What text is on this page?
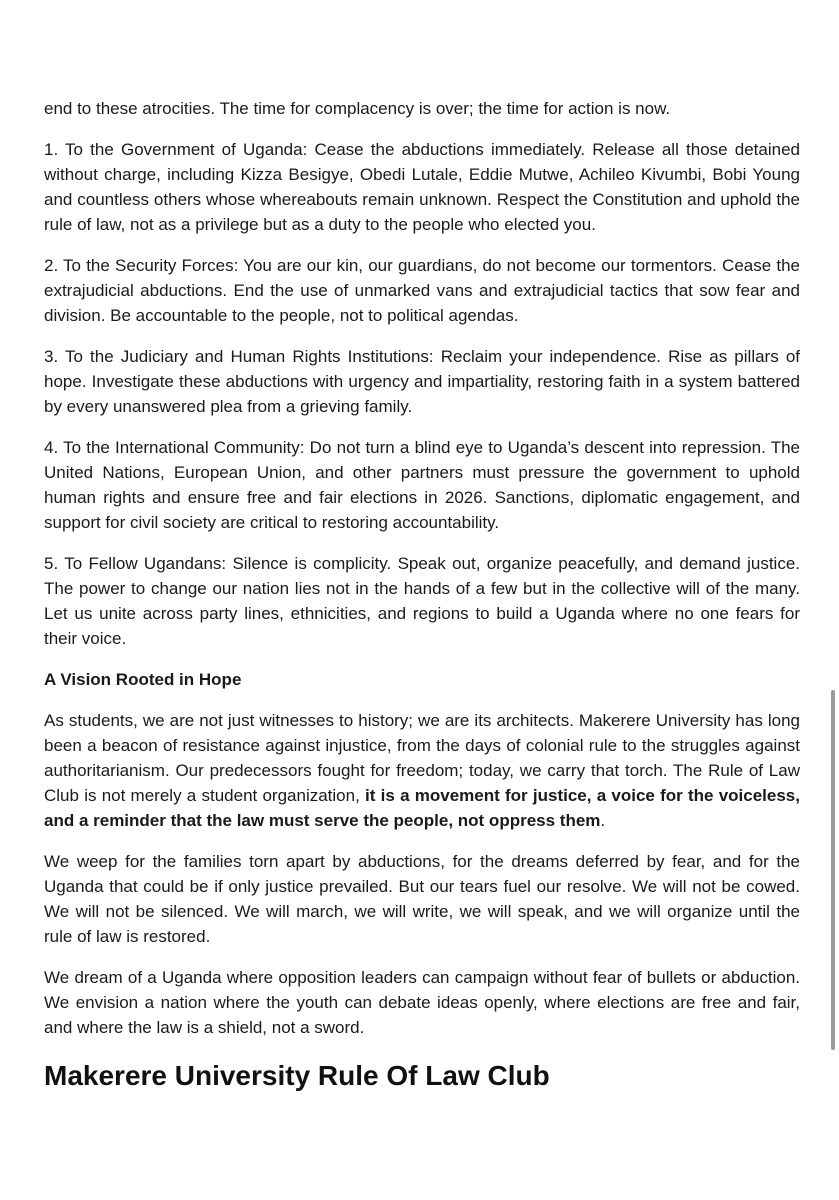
end to these atrocities. The time for complacency is over; the time for action is now.

1. To the Government of Uganda: Cease the abductions immediately. Release all those detained without charge, including Kizza Besigye, Obedi Lutale, Eddie Mutwe, Achileo Kivumbi, Bobi Young and countless others whose whereabouts remain unknown. Respect the Constitution and uphold the rule of law, not as a privilege but as a duty to the people who elected you.

2. To the Security Forces: You are our kin, our guardians, do not become our tormentors. Cease the extrajudicial abductions. End the use of unmarked vans and extrajudicial tactics that sow fear and division. Be accountable to the people, not to political agendas.

3. To the Judiciary and Human Rights Institutions: Reclaim your independence. Rise as pillars of hope. Investigate these abductions with urgency and impartiality, restoring faith in a system battered by every unanswered plea from a grieving family.

4. To the International Community: Do not turn a blind eye to Uganda’s descent into repression. The United Nations, European Union, and other partners must pressure the government to uphold human rights and ensure free and fair elections in 2026. Sanctions, diplomatic engagement, and support for civil society are critical to restoring accountability.

5. To Fellow Ugandans: Silence is complicity. Speak out, organize peacefully, and demand justice. The power to change our nation lies not in the hands of a few but in the collective will of the many. Let us unite across party lines, ethnicities, and regions to build a Uganda where no one fears for their voice.

A Vision Rooted in Hope

As students, we are not just witnesses to history; we are its architects. Makerere University has long been a beacon of resistance against injustice, from the days of colonial rule to the struggles against authoritarianism. Our predecessors fought for freedom; today, we carry that torch. The Rule of Law Club is not merely a student organization, it is a movement for justice, a voice for the voiceless, and a reminder that the law must serve the people, not oppress them.

We weep for the families torn apart by abductions, for the dreams deferred by fear, and for the Uganda that could be if only justice prevailed. But our tears fuel our resolve. We will not be cowed. We will not be silenced. We will march, we will write, we will speak, and we will organize until the rule of law is restored.

We dream of a Uganda where opposition leaders can campaign without fear of bullets or abduction. We envision a nation where the youth can debate ideas openly, where elections are free and fair, and where the law is a shield, not a sword.

Makerere University Rule Of Law Club
